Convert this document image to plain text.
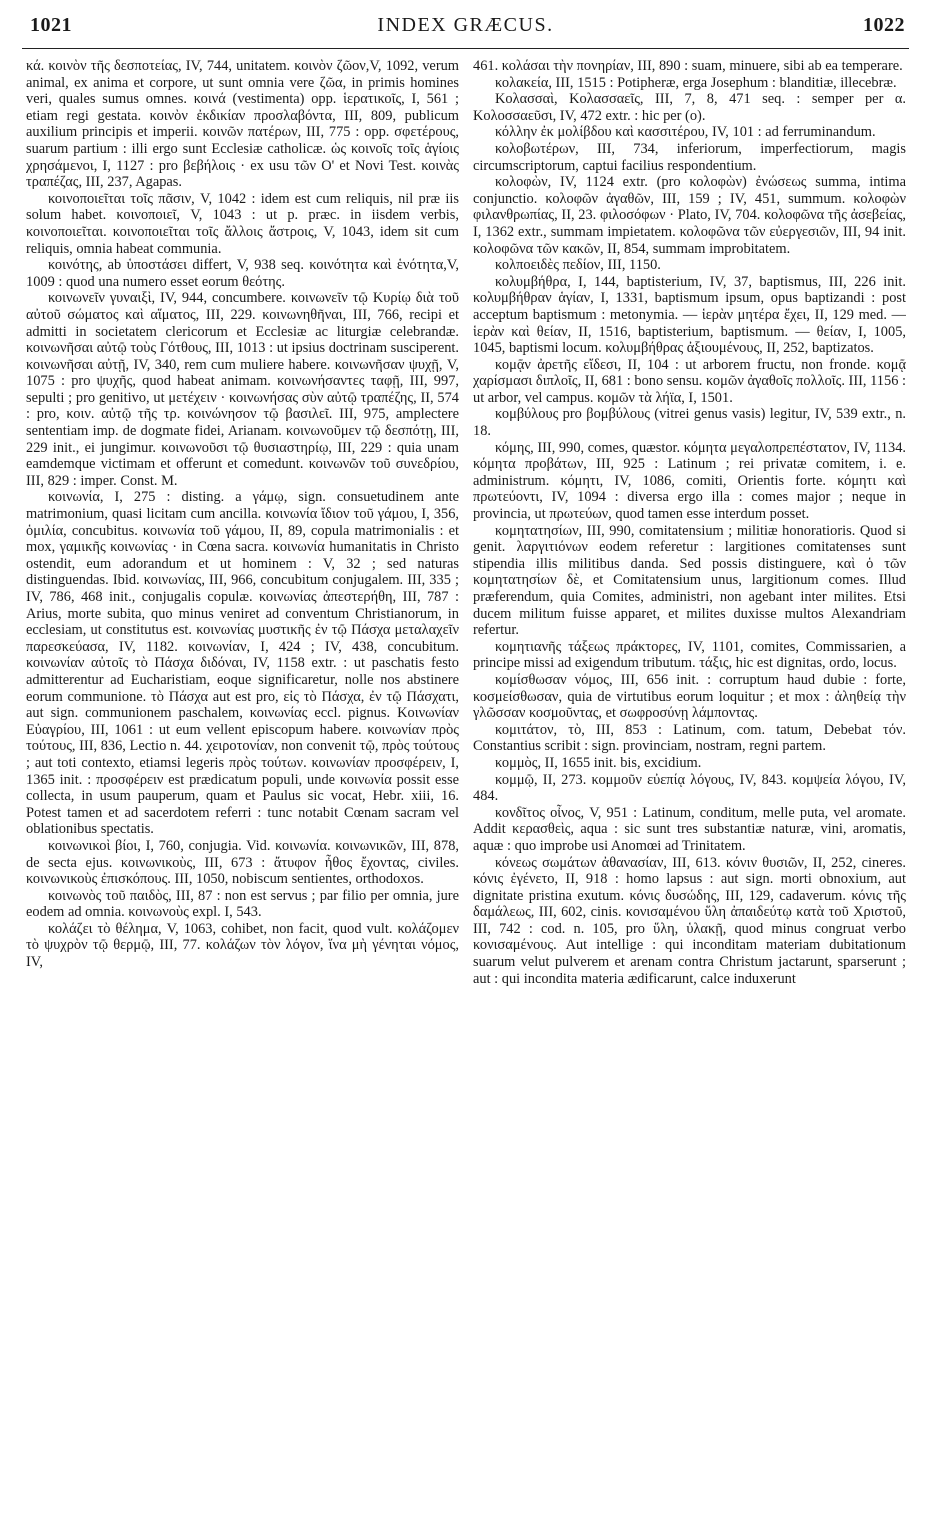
1021	INDEX GRÆCUS.	1022

κά. κοινὸν τῆς δεσποτείας, IV, 744, unitatem. κοινὸν ζῶον,V, 1092, verum animal, ex anima et corpore, ut sunt omnia vere ζῶα, in primis homines veri, quales sumus omnes. κοινά (vestimenta) opp. ἱερατικοῖς, I, 561 ; etiam regi gestata. κοινὸν ἐκδικίαν προσλαβόντα, III, 809, publicum auxilium principis et imperii. κοινῶν πατέρων, III, 775 : opp. σφετέρους, suarum partium : illi ergo sunt Ecclesiæ catholicæ. ὡς κοινοῖς τοῖς ἁγίοις χρησάμενοι, I, 1127 : pro βεβήλοις · ex usu τῶν O' et Novi Test. κοινὰς τραπέζας, III, 237, Agapas.

κοινοποιεῖται τοῖς πᾶσιν, V, 1042 : idem est cum reliquis, nil præ iis solum habet. κοινοποιεῖ, V, 1043 : ut p. præc. in iisdem verbis, κοινοποιεῖται. κοινοποιεῖται τοῖς ἄλλοις ἄστροις, V, 1043, idem sit cum reliquis, omnia habeat communia.

κοινότης, ab ὑποστάσει differt, V, 938 seq. κοινότητα καὶ ἑνότητα,V, 1009 : quod una numero esset eorum θεότης.

κοινωνεῖν γυναιξὶ, IV, 944, concumbere. κοινωνεῖν τῷ Κυρίῳ διὰ τοῦ αὐτοῦ σώματος καὶ αἵματος, III, 229. κοινωνηθῆναι, III, 766, recipi et admitti in societatem clericorum et Ecclesiæ ac liturgiæ celebrandæ. κοινωνῆσαι αὐτῷ τοὺς Γότθους, III, 1013 : ut ipsius doctrinam susciperent. κοινωνῆσαι αὐτῇ, IV, 340, rem cum muliere habere. κοινωνῆσαν ψυχῇ, V, 1075 : pro ψυχῆς, quod habeat animam. κοινωνήσαντες ταφῇ, III, 997, sepulti ; pro genitivo, ut μετέχειν · κοινωνήσας σὺν αὐτῷ τραπέζης, II, 574 : pro, κοιν. αὐτῷ τῆς τρ. κοινώνησον τῷ βασιλεῖ. III, 975, amplectere sententiam imp. de dogmate fidei, Arianam. κοινωνοῦμεν τῷ δεσπότῃ, III, 229 init., ei jungimur. κοινωνοῦσι τῷ θυσιαστηρίῳ, III, 229 : quia unam eamdemque victimam et offerunt et comedunt. κοινωνῶν τοῦ συνεδρίου, III, 829 : imper. Const. M.

κοινωνία, I, 275 : disting. a γάμῳ, sign. consuetudinem ante matrimonium, quasi licitam cum ancilla. κοινωνία ἴδιον τοῦ γάμου, I, 356, ὁμιλία, concubitus. κοινωνία τοῦ γάμου, II, 89, copula matrimonialis : et mox, γαμικῆς κοινωνίας · in Cœna sacra. κοινωνία humanitatis in Christo ostendit, eum adorandum et ut hominem : V, 32 ; sed naturas distinguendas. Ibid. κοινωνίας, III, 966, concubitum conjugalem. III, 335 ; IV, 786, 468 init., conjugalis copulæ. κοινωνίας ἀπεστερήθη, III, 787 : Arius, morte subita, quo minus veniret ad conventum Christianorum, in ecclesiam, ut constitutus est. κοινωνίας μυστικῆς ἐν τῷ Πάσχα μεταλαχεῖν παρεσκεύασα, IV, 1182. κοινωνίαν, I, 424 ; IV, 438, concubitum. κοινωνίαν αὐτοῖς τὸ Πάσχα διδόναι, IV, 1158 extr. : ut paschatis festo admitterentur ad Eucharistiam, eoque significaretur, nolle nos abstinere eorum communione. τὸ Πάσχα aut est pro, εἰς τὸ Πάσχα, ἐν τῷ Πάσχατι, aut sign. communionem paschalem, κοινωνίας eccl. pignus. Κοινωνίαν Εὐαγρίου, III, 1061 : ut eum vellent episcopum habere. κοινωνίαν πρὸς τούτους, III, 836, Lectio n. 44. χειροτονίαν, non convenit τῷ, πρὸς τούτους ; aut toti contexto, etiamsi legeris πρὸς τούτων. κοινωνίαν προσφέρειν, I, 1365 init. : προσφέρειν est prædicatum populi, unde κοινωνία possit esse collecta, in usum pauperum, quam et Paulus sic vocat, Hebr. xiii, 16. Potest tamen et ad sacerdotem referri : tunc notabit Cœnam sacram vel oblationibus spectatis.

κοινωνικοὶ βίοι, I, 760, conjugia. Vid. κοινωνία. κοινωνικῶν, III, 878, de secta ejus. κοινωνικοὺς, III, 673 : ἄτυφον ἦθος ἔχοντας, civiles. κοινωνικοὺς ἐπισκόπους. III, 1050, nobiscum sentientes, orthodoxos.

κοινωνὸς τοῦ παιδὸς, III, 87 : non est servus ; par filio per omnia, jure eodem ad omnia. κοινωνοὺς expl. I, 543.

κολάζει τὸ θέλημα, V, 1063, cohibet, non facit, quod vult. κολάζομεν τὸ ψυχρὸν τῷ θερμῷ, III, 77. κολάζων τὸν λόγον, ἵνα μὴ γένηται νόμος, IV,

461. κολάσαι τὴν πονηρίαν, III, 890 : suam, minuere, sibi ab ea temperare.

κολακεία, III, 1515 : Potipheræ, erga Josephum : blanditiæ, illecebræ.

Κολασσαὶ, Κολασσαεῖς, III, 7, 8, 471 seq. : semper per α. Κολοσσαεῦσι, IV, 472 extr. : hic per (ο).

κόλλην ἐκ μολίβδου καὶ κασσιτέρου, IV, 101 : ad ferruminandum.

κολοβωτέρων, III, 734, inferiorum, imperfectiorum, magis circumscriptorum, captui facilius respondentium.

κολοφὼν, IV, 1124 extr. (pro κολοφὼν) ἐνώσεως summa, intima conjunctio. κολοφῶν ἀγαθῶν, III, 159 ; IV, 451, summum. κολοφὼν φιλανθρωπίας, II, 23. φιλοσόφων · Plato, IV, 704. κολοφῶνα τῆς ἀσεβείας, I, 1362 extr., summam impietatem. κολοφῶνα τῶν εὐεργεσιῶν, III, 94 init. κολοφῶνα τῶν κακῶν, II, 854, summam improbitatem.

κολπoειδὲς πεδίον, III, 1150.

κολυμβήθρα, I, 144, baptisterium, IV, 37, baptismus, III, 226 init. κολυμβήθραν ἁγίαν, I, 1331, baptismum ipsum, opus baptizandi : post acceptum baptismum : metonymia. — ἱερὰν μητέρα ἔχει, II, 129 med. — ἱερὰν καὶ θείαν, II, 1516, baptisterium, baptismum. — θείαν, I, 1005, 1045, baptismi locum. κολυμβήθρας ἀξιουμένους, II, 252, baptizatos.

κομᾷν ἀρετῆς εἴδεσι, II, 104 : ut arborem fructu, non fronde. κομᾷ χαρίσμασι διπλοῖς, II, 681 : bono sensu. κομῶν ἀγαθοῖς πολλοῖς. III, 1156 : ut arbor, vel campus. κομῶν τὰ λήϊα, I, 1501.

κομβύλους pro βομβύλους (vitrei genus vasis) legitur, IV, 539 extr., n. 18.

κόμης, III, 990, comes, quæstor. κόμητα μεγαλοπρεπέστατον, IV, 1134. κόμητα προβάτων, III, 925 : Latinum ; rei privatæ comitem, i. e. administrum. κόμητι, IV, 1086, comiti, Orientis forte. κόμητι καὶ πρωτεύοντι, IV, 1094 : diversa ergo illa : comes major ; neque in provincia, ut πρωτεύων, quod tamen esse interdum posset.

κομητατησίων, III, 990, comitatensium ; militiæ honoratioris. Quod si genit. λαργιτιόνων eodem referetur : largitiones comitatenses sunt stipendia illis militibus danda. Sed possis distinguere, καὶ ὁ τῶν κομητατησίων δὲ, et Comitatensium unus, largitionum comes. Illud præferendum, quia Comites, administri, non agebant inter milites. Etsi ducem militum fuisse apparet, et milites duxisse multos Alexandriam refertur.

κομητιανῆς τάξεως πράκτορες, IV, 1101, comites, Commissarien, a principe missi ad exigendum tributum. τάξις, hic est dignitas, ordo, locus.

κομίσθωσαν νόμος, III, 656 init. : corruptum haud dubie : forte, κοσμείσθωσαν, quia de virtutibus eorum loquitur ; et mox : ἀληθείᾳ τὴν γλῶσσαν κοσμοῦντας, et σωφροσύνῃ λάμποντας.

κομιτάτον, τὸ, III, 853 : Latinum, com. tatum, Debebat τόν. Constantius scribit : sign. provinciam, nostram, regni partem.

κομμὸς, II, 1655 init. bis, excidium.

κομμῷ, II, 273. κομμοῦν εὐεπίᾳ λόγους, IV, 843. κομψεία λόγου, IV, 484.

κονδῖτος οἶνος, V, 951 : Latinum, conditum, melle puta, vel aromate. Addit κερασθεὶς, aqua : sic sunt tres substantiæ naturæ, vini, aromatis, aquæ : quo improbe usi Anomœi ad Trinitatem.

κόνεως σωμάτων ἀθανασίαν, III, 613. κόνιν θυσιῶν, II, 252, cineres. κόνις ἐγένετο, II, 918 : homo lapsus : aut sign. morti obnoxium, aut dignitate pristina exutum. κόνις δυσώδης, III, 129, cadaverum. κόνις τῆς δαμάλεως, III, 602, cinis. κονισαμένου ὕλη ἀπαιδεύτῳ κατὰ τοῦ Χριστοῦ, III, 742 : cod. n. 105, pro ὕλη, ὑλακῇ, quod minus congruat verbo κονισαμένους. Aut intellige : qui inconditam materiam dubitationum suarum velut pulverem et arenam contra Christum jactarunt, sparserunt ; aut : qui incondita materia ædificarunt, calce induxerunt
